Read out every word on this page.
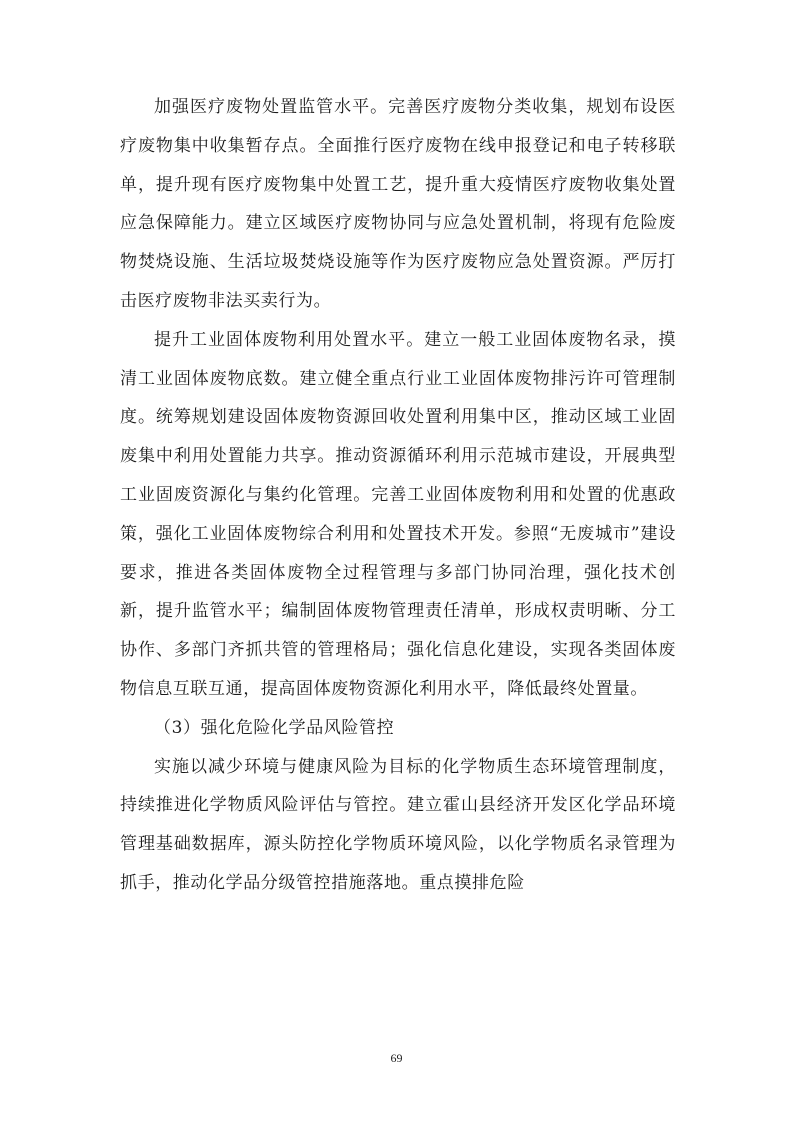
加强医疗废物处置监管水平。完善医疗废物分类收集，规划布设医疗废物集中收集暂存点。全面推行医疗废物在线申报登记和电子转移联单，提升现有医疗废物集中处置工艺，提升重大疫情医疗废物收集处置应急保障能力。建立区域医疗废物协同与应急处置机制，将现有危险废物焚烧设施、生活垃圾焚烧设施等作为医疗废物应急处置资源。严厉打击医疗废物非法买卖行为。

提升工业固体废物利用处置水平。建立一般工业固体废物名录，摸清工业固体废物底数。建立健全重点行业工业固体废物排污许可管理制度。统筹规划建设固体废物资源回收处置利用集中区，推动区域工业固废集中利用处置能力共享。推动资源循环利用示范城市建设，开展典型工业固废资源化与集约化管理。完善工业固体废物利用和处置的优惠政策，强化工业固体废物综合利用和处置技术开发。参照“无废城市”建设要求，推进各类固体废物全过程管理与多部门协同治理，强化技术创新，提升监管水平；编制固体废物管理责任清单，形成权责明晰、分工协作、多部门齐抓共管的管理格局；强化信息化建设，实现各类固体废物信息互联互通，提高固体废物资源化利用水平，降低最终处置量。

（3）强化危险化学品风险管控

实施以减少环境与健康风险为目标的化学物质生态环境管理制度，持续推进化学物质风险评估与管控。建立霍山县经济开发区化学品环境管理基础数据库，源头防控化学物质环境风险，以化学物质名录管理为抓手，推动化学品分级管控措施落地。重点摸排危险

69
